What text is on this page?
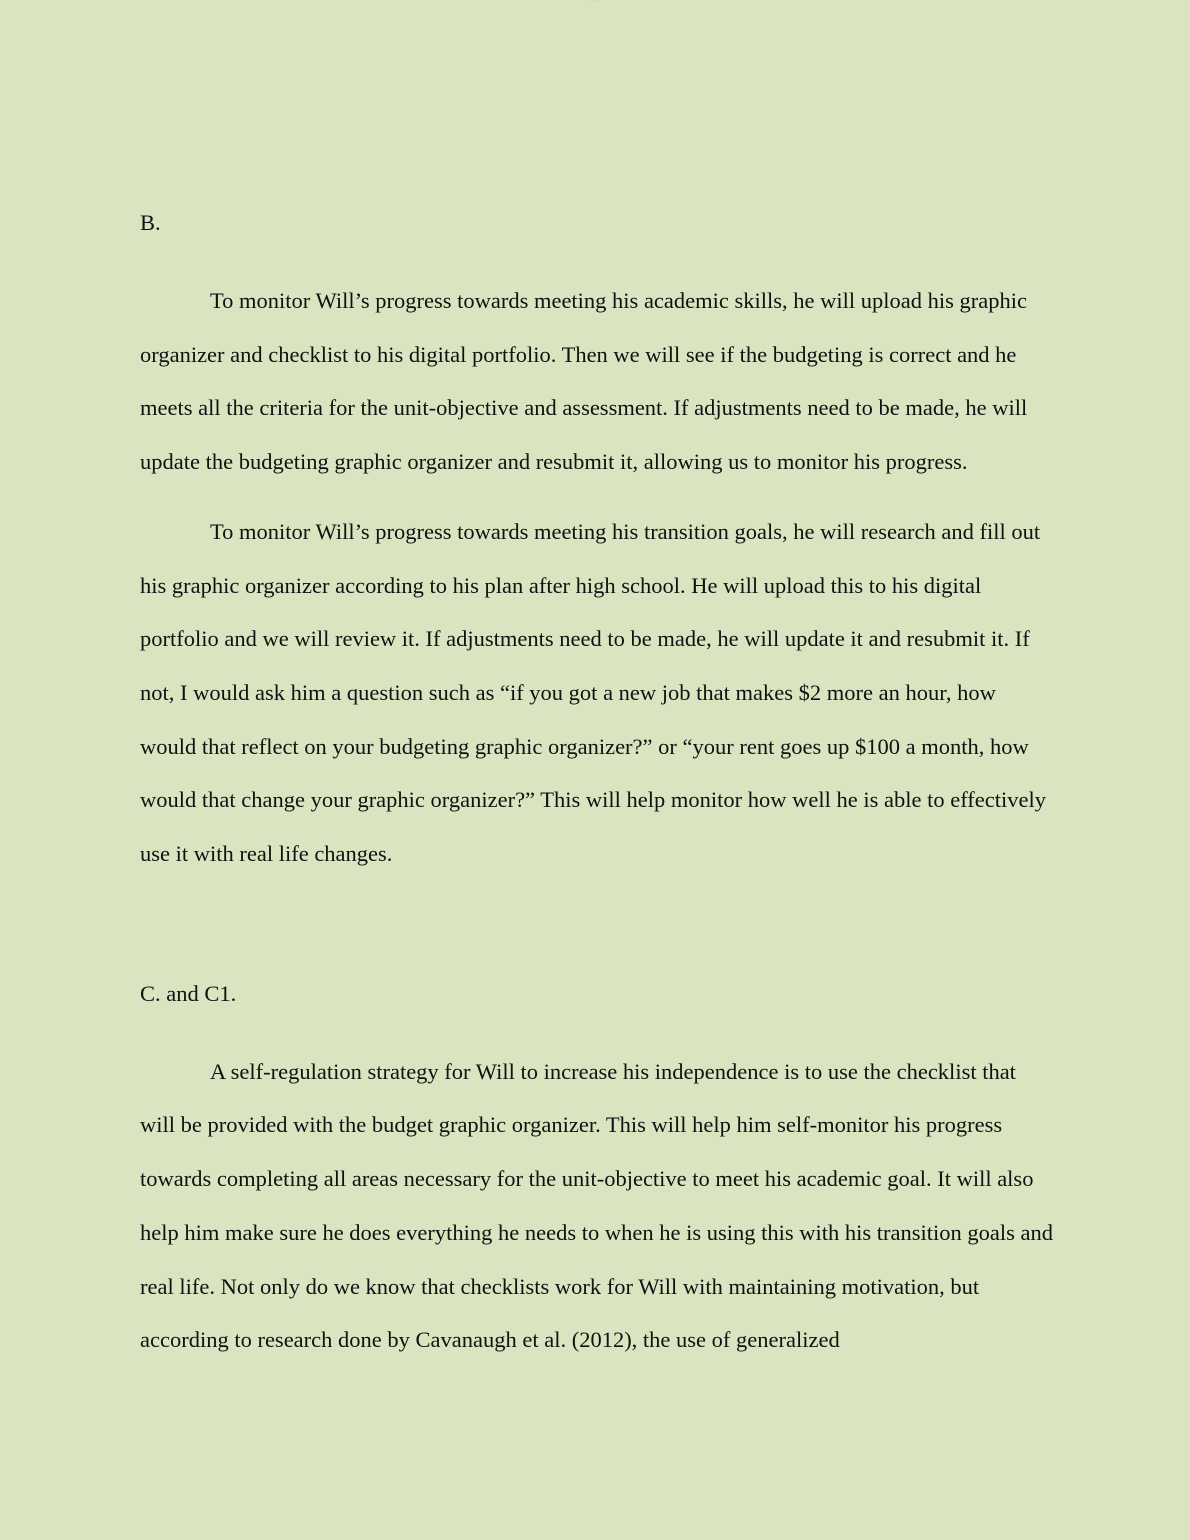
· · · · ·

B.

To monitor Will’s progress towards meeting his academic skills, he will upload his graphic organizer and checklist to his digital portfolio. Then we will see if the budgeting is correct and he meets all the criteria for the unit-objective and assessment. If adjustments need to be made, he will update the budgeting graphic organizer and resubmit it, allowing us to monitor his progress.

To monitor Will’s progress towards meeting his transition goals, he will research and fill out his graphic organizer according to his plan after high school. He will upload this to his digital portfolio and we will review it. If adjustments need to be made, he will update it and resubmit it. If not, I would ask him a question such as “if you got a new job that makes $2 more an hour, how would that reflect on your budgeting graphic organizer?” or “your rent goes up $100 a month, how would that change your graphic organizer?” This will help monitor how well he is able to effectively use it with real life changes.

C. and C1.

A self-regulation strategy for Will to increase his independence is to use the checklist that will be provided with the budget graphic organizer. This will help him self-monitor his progress towards completing all areas necessary for the unit-objective to meet his academic goal. It will also help him make sure he does everything he needs to when he is using this with his transition goals and real life. Not only do we know that checklists work for Will with maintaining motivation, but according to research done by Cavanaugh et al. (2012), the use of generalized
